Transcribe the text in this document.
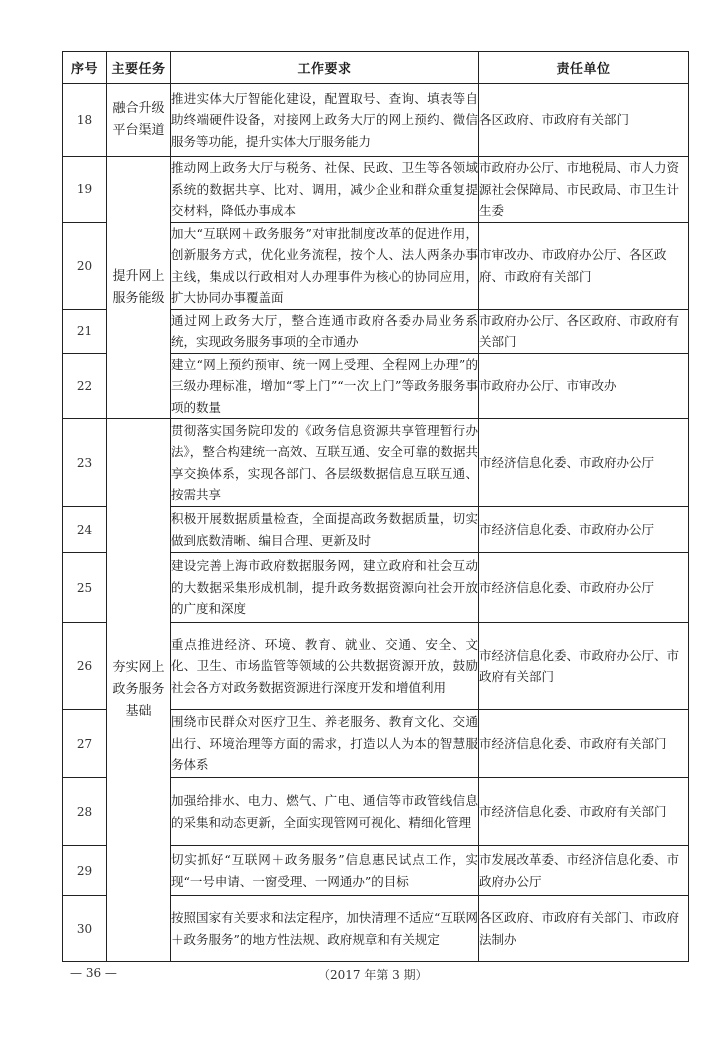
序号	主要任务	工作要求	责任单位
18	融合升级平台渠道	推进实体大厅智能化建设，配置取号、查询、填表等自助终端硬件设备，对接网上政务大厅的网上预约、微信服务等功能，提升实体大厅服务能力	各区政府、市政府有关部门
19	提升网上服务能级	推动网上政务大厅与税务、社保、民政、卫生等各领域系统的数据共享、比对、调用，减少企业和群众重复提交材料，降低办事成本	市政府办公厅、市地税局、市人力资源社会保障局、市民政局、市卫生计生委
20		加大“互联网＋政务服务”对审批制度改革的促进作用，创新服务方式，优化业务流程，按个人、法人两条办事主线，集成以行政相对人办理事件为核心的协同应用，扩大协同办事覆盖面	市审改办、市政府办公厅、各区政府、市政府有关部门
21		通过网上政务大厅，整合连通市政府各委办局业务系统，实现政务服务事项的全市通办	市政府办公厅、各区政府、市政府有关部门
22		建立“网上预约预审、统一网上受理、全程网上办理”的三级办理标准，增加“零上门”“一次上门”等政务服务事项的数量	市政府办公厅、市审改办
23	夯实网上政务服务基础	贯彻落实国务院印发的《政务信息资源共享管理暂行办法》，整合构建统一高效、互联互通、安全可靠的数据共享交换体系，实现各部门、各层级数据信息互联互通、按需共享	市经济信息化委、市政府办公厅
24		积极开展数据质量检查，全面提高政务数据质量，切实做到底数清晰、编目合理、更新及时	市经济信息化委、市政府办公厅
25		建设完善上海市政府数据服务网，建立政府和社会互动的大数据采集形成机制，提升政务数据资源向社会开放的广度和深度	市经济信息化委、市政府办公厅
26		重点推进经济、环境、教育、就业、交通、安全、文化、卫生、市场监管等领域的公共数据资源开放，鼓励社会各方对政务数据资源进行深度开发和增值利用	市经济信息化委、市政府办公厅、市政府有关部门
27		围绕市民群众对医疗卫生、养老服务、教育文化、交通出行、环境治理等方面的需求，打造以人为本的智慧服务体系	市经济信息化委、市政府有关部门
28		加强给排水、电力、燃气、广电、通信等市政管线信息的采集和动态更新，全面实现管网可视化、精细化管理	市经济信息化委、市政府有关部门
29		切实抓好“互联网＋政务服务”信息惠民试点工作，实现“一号申请、一窗受理、一网通办”的目标	市发展改革委、市经济信息化委、市政府办公厅
30		按照国家有关要求和法定程序，加快清理不适应“互联网＋政务服务”的地方性法规、政府规章和有关规定	各区政府、市政府有关部门、市政府法制办
— 36 —	（2017 年第 3 期）
